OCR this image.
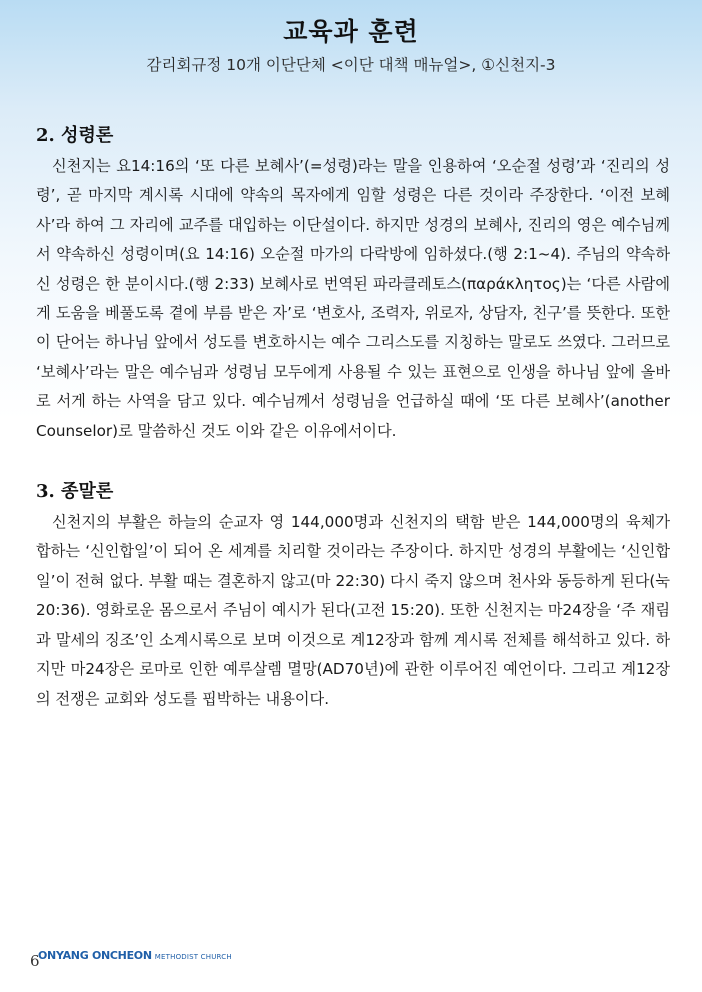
교육과 훈련
감리회규정 10개 이단단체 <이단 대책 매뉴얼>, ①신천지-3
2. 성령론

신천지는 요14:16의 ‘또 다른 보혜사’(=성령)라는 말을 인용하여 ‘오순절 성령’과 ‘진리의 성령’, 곧 마지막 계시록 시대에 약속의 목자에게 임할 성령은 다른 것이라 주장한다. ‘이전 보혜사’라 하여 그 자리에 교주를 대입하는 이단설이다. 하지만 성경의 보혜사, 진리의 영은 예수님께서 약속하신 성령이며(요 14:16) 오순절 마가의 다락방에 임하셨다.(행 2:1~4). 주님의 약속하신 성령은 한 분이시다.(행 2:33) 보혜사로 번역된 파라클레토스(παράκλητος)는 ‘다른 사람에게 도움을 베풀도록 곁에 부름 받은 자’로 ‘변호사, 조력자, 위로자, 상담자, 친구’를 뜻한다. 또한 이 단어는 하나님 앞에서 성도를 변호하시는 예수 그리스도를 지칭하는 말로도 쓰였다. 그러므로 ‘보혜사’라는 말은 예수님과 성령님 모두에게 사용될 수 있는 표현으로 인생을 하나님 앞에 올바로 서게 하는 사역을 담고 있다. 예수님께서 성령님을 언급하실 때에 ‘또 다른 보혜사’(another Counselor)로 말씀하신 것도 이와 같은 이유에서이다.

3. 종말론

신천지의 부활은 하늘의 순교자 영 144,000명과 신천지의 택함 받은 144,000명의 육체가 합하는 ‘신인합일’이 되어 온 세계를 치리할 것이라는 주장이다. 하지만 성경의 부활에는 ‘신인합일’이 전혀 없다. 부활 때는 결혼하지 않고(마 22:30) 다시 죽지 않으며 천사와 동등하게 된다(눅 20:36). 영화로운 몸으로서 주님이 예시가 된다(고전 15:20). 또한 신천지는 마24장을 ‘주 재림과 말세의 징조’인 소계시록으로 보며 이것으로 계12장과 함께 계시록 전체를 해석하고 있다. 하지만 마24장은 로마로 인한 예루살렘 멸망(AD70년)에 관한 이루어진 예언이다. 그리고 계12장의 전쟁은 교회와 성도를 핍박하는 내용이다.

6
ONYANG ONCHEON METHODIST CHURCH
